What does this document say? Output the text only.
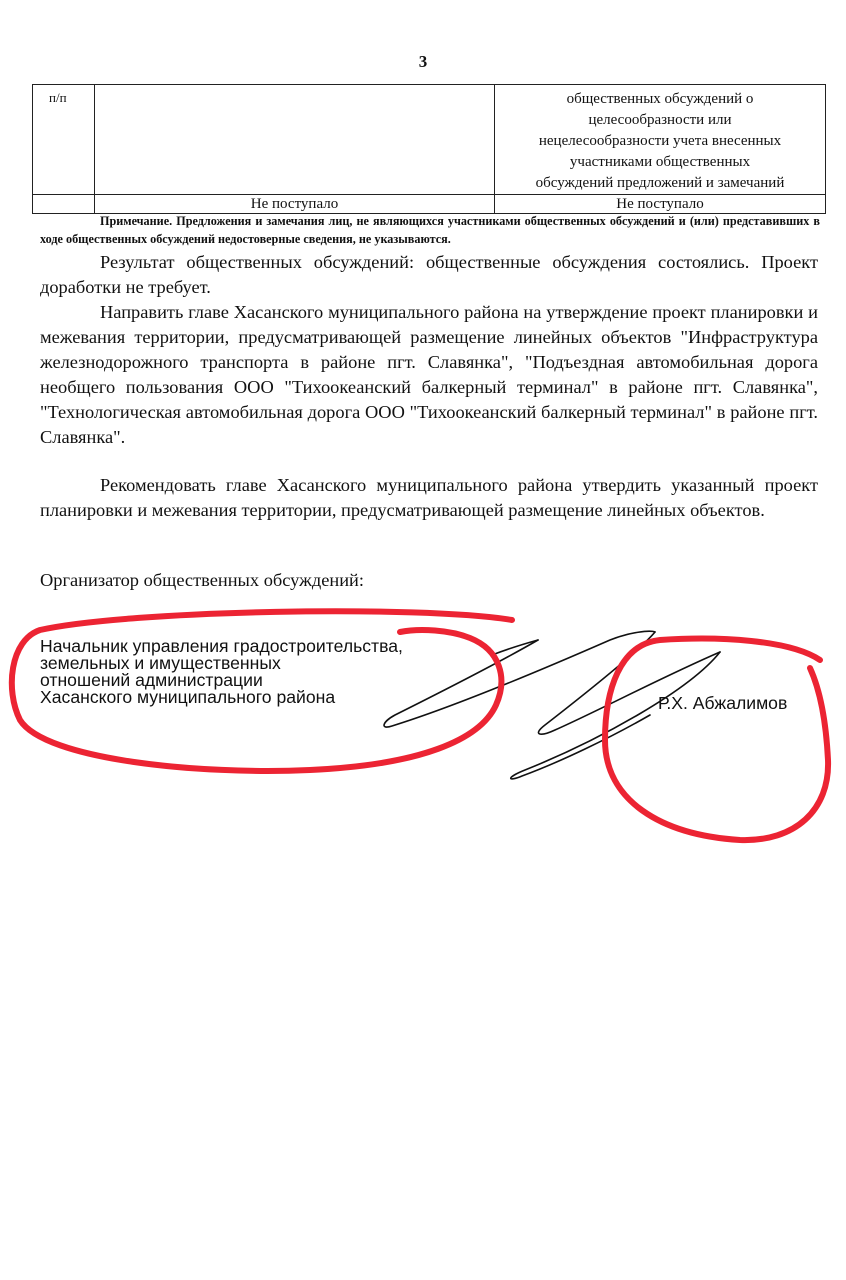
3
п/п		общественных обсуждений о
целесообразности или
нецелесообразности учета внесенных
участниками общественных
обсуждений предложений и замечаний

	Не поступало	Не поступало
Примечание. Предложения и замечания лиц, не являющихся участниками общественных обсуждений и (или) представивших в ходе общественных обсуждений недостоверные сведения, не указываются.

Результат общественных обсуждений: общественные обсуждения состоялись. Проект доработки не требует.

Направить главе Хасанского муниципального района на утверждение проект планировки и межевания территории, предусматривающей размещение линейных объектов "Инфраструктура железнодорожного транспорта в районе пгт. Славянка", "Подъездная автомобильная дорога необщего пользования ООО "Тихоокеанский балкерный терминал" в районе пгт. Славянка", "Технологическая автомобильная дорога ООО "Тихоокеанский балкерный терминал" в районе пгт. Славянка".

Рекомендовать главе Хасанского муниципального района утвердить указанный проект планировки и межевания территории, предусматривающей размещение линейных объектов.

Организатор общественных обсуждений:
Начальник управления градостроительства,
земельных и имущественных
отношений администрации
Хасанского муниципального района	Р.Х. Абжалимов
